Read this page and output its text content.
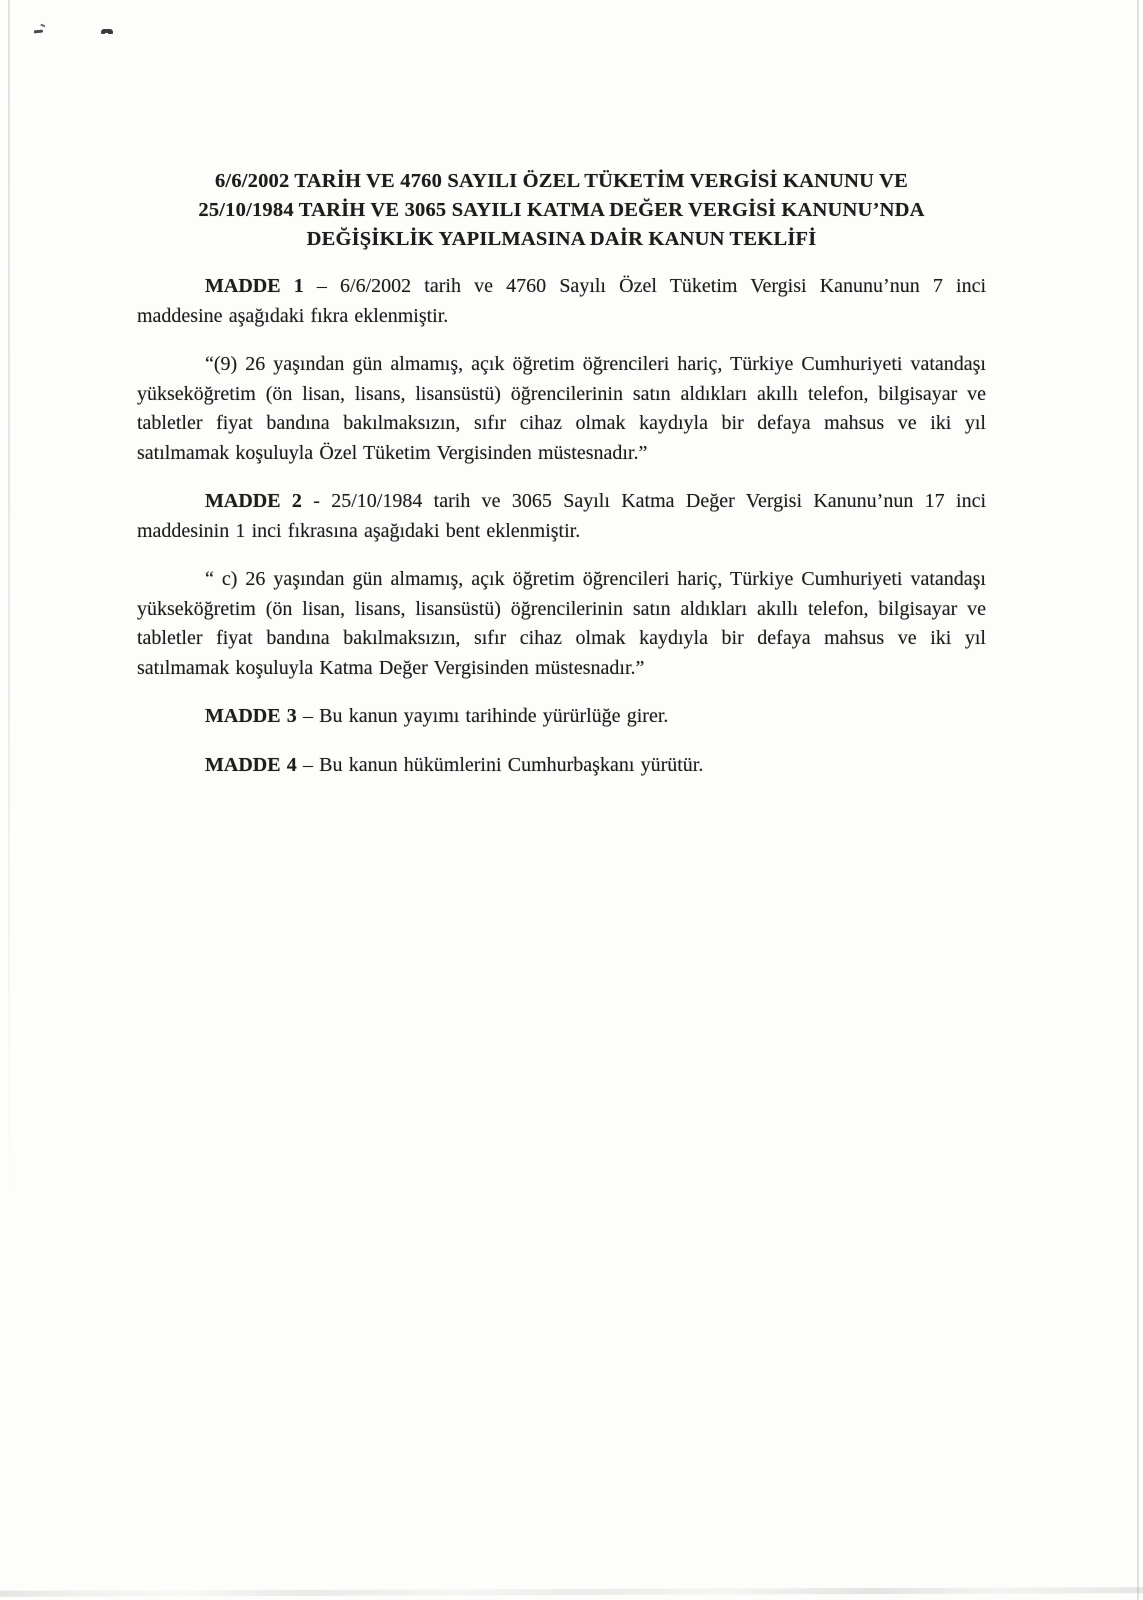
6/6/2002 TARİH VE 4760 SAYILI ÖZEL TÜKETİM VERGİSİ KANUNU VE
25/10/1984 TARİH VE 3065 SAYILI KATMA DEĞER VERGİSİ KANUNU’NDA
DEĞİŞİKLİK YAPILMASINA DAİR KANUN TEKLİFİ

MADDE 1 – 6/6/2002 tarih ve 4760 Sayılı Özel Tüketim Vergisi Kanunu’nun 7 inci maddesine aşağıdaki fıkra eklenmiştir.

“(9) 26 yaşından gün almamış, açık öğretim öğrencileri hariç, Türkiye Cumhuriyeti vatandaşı yükseköğretim (ön lisan, lisans, lisansüstü) öğrencilerinin satın aldıkları akıllı telefon, bilgisayar ve tabletler fiyat bandına bakılmaksızın, sıfır cihaz olmak kaydıyla bir defaya mahsus ve iki yıl satılmamak koşuluyla Özel Tüketim Vergisinden müstesnadır.”

MADDE 2 - 25/10/1984 tarih ve 3065 Sayılı Katma Değer Vergisi Kanunu’nun 17 inci maddesinin 1 inci fıkrasına aşağıdaki bent eklenmiştir.

“ c) 26 yaşından gün almamış, açık öğretim öğrencileri hariç, Türkiye Cumhuriyeti vatandaşı yükseköğretim (ön lisan, lisans, lisansüstü) öğrencilerinin satın aldıkları akıllı telefon, bilgisayar ve tabletler fiyat bandına bakılmaksızın, sıfır cihaz olmak kaydıyla bir defaya mahsus ve iki yıl satılmamak koşuluyla Katma Değer Vergisinden müstesnadır.”

MADDE 3 – Bu kanun yayımı tarihinde yürürlüğe girer.

MADDE 4 – Bu kanun hükümlerini Cumhurbaşkanı yürütür.
